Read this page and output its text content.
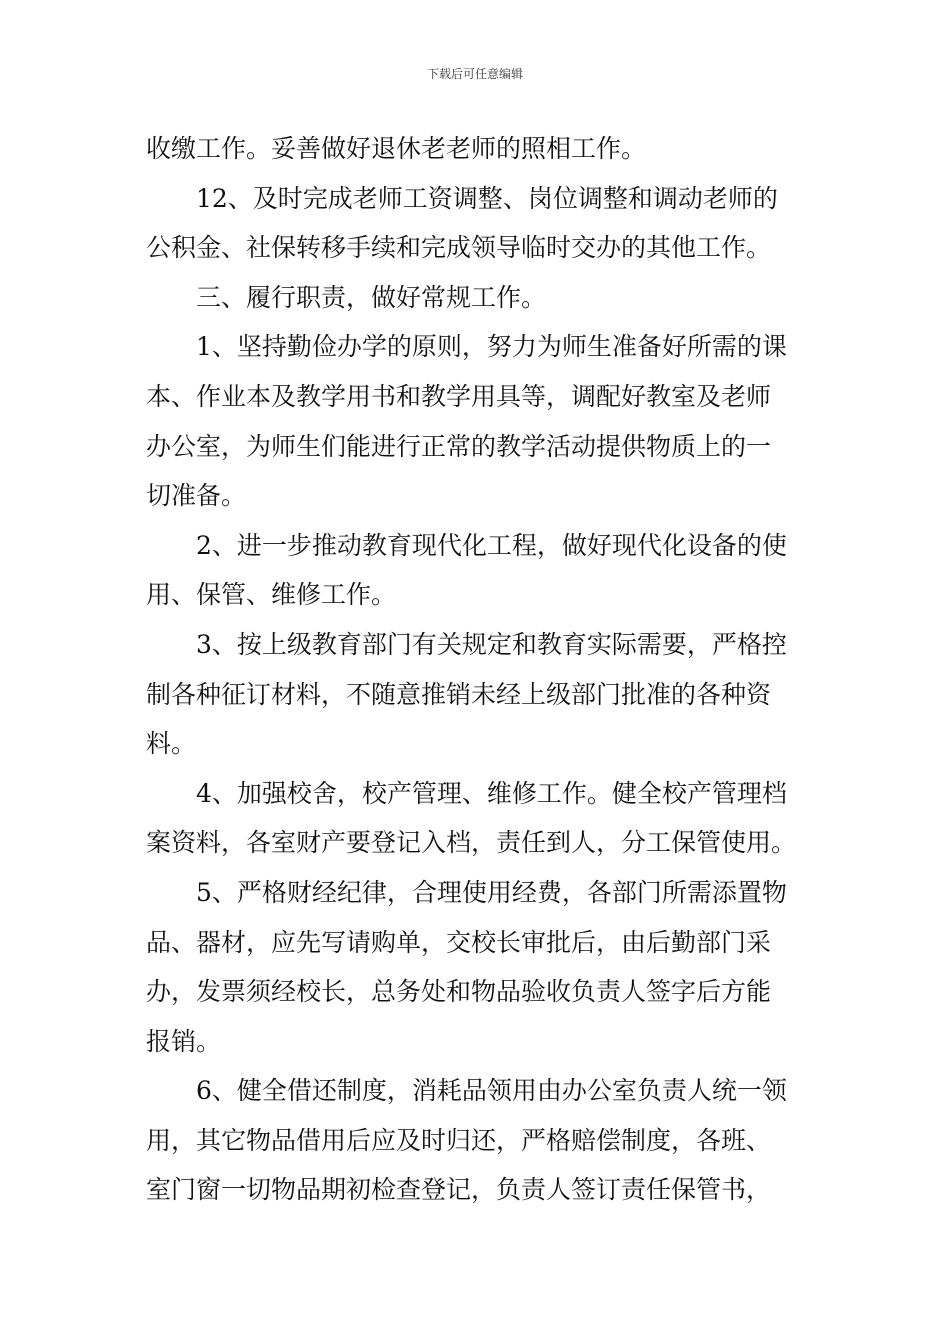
下载后可任意编辑
收缴工作。妥善做好退休老老师的照相工作。
12、及时完成老师工资调整、岗位调整和调动老师的
公积金、社保转移手续和完成领导临时交办的其他工作。
三、履行职责，做好常规工作。
1、坚持勤俭办学的原则，努力为师生准备好所需的课
本、作业本及教学用书和教学用具等，调配好教室及老师
办公室，为师生们能进行正常的教学活动提供物质上的一
切准备。
2、进一步推动教育现代化工程，做好现代化设备的使
用、保管、维修工作。
3、按上级教育部门有关规定和教育实际需要，严格控
制各种征订材料，不随意推销未经上级部门批准的各种资
料。
4、加强校舍，校产管理、维修工作。健全校产管理档
案资料，各室财产要登记入档，责任到人，分工保管使用。
5、严格财经纪律，合理使用经费，各部门所需添置物
品、器材，应先写请购单，交校长审批后，由后勤部门采
办，发票须经校长，总务处和物品验收负责人签字后方能
报销。
6、健全借还制度，消耗品领用由办公室负责人统一领
用，其它物品借用后应及时归还，严格赔偿制度，各班、
室门窗一切物品期初检查登记，负责人签订责任保管书，
